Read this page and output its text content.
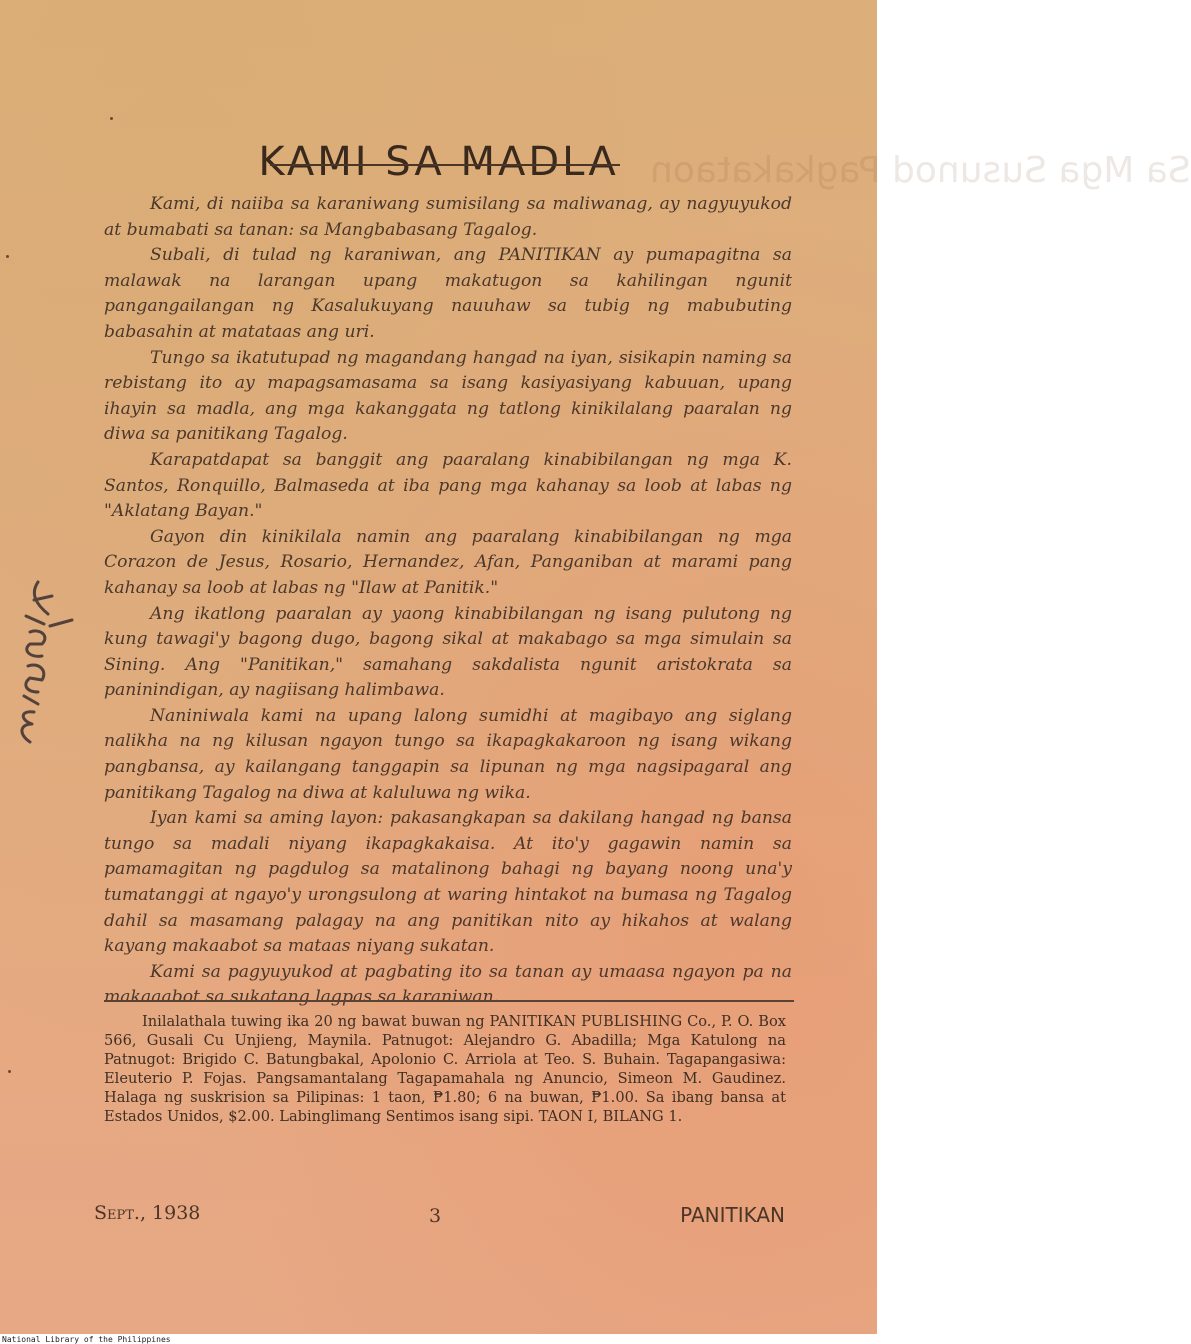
Sa Mga Susunod Pagkakataon
KAMI SA MADLA

Kami, di naiiba sa karaniwang sumisilang sa maliwanag, ay nagyuyukod at bumabati sa tanan: sa Mangbabasang Tagalog.

Subali, di tulad ng karaniwan, ang PANITIKAN ay pumapagitna sa malawak na larangan upang makatugon sa kahilingan ngunit pangangailangan ng Kasalukuyang nauuhaw sa tubig ng mabubuting babasahin at matataas ang uri.

Tungo sa ikatutupad ng magandang hangad na iyan, sisikapin naming sa rebistang ito ay mapagsamasama sa isang kasiyasiyang kabuuan, upang ihayin sa madla, ang mga kakanggata ng tatlong kinikilalang paaralan ng diwa sa panitikang Tagalog.

Karapatdapat sa banggit ang paaralang kinabibilangan ng mga K. Santos, Ronquillo, Balmaseda at iba pang mga kahanay sa loob at labas ng "Aklatang Bayan."

Gayon din kinikilala namin ang paaralang kinabibilangan ng mga Corazon de Jesus, Rosario, Hernandez, Afan, Panganiban at marami pang kahanay sa loob at labas ng "Ilaw at Panitik."

Ang ikatlong paaralan ay yaong kinabibilangan ng isang pulutong ng kung tawagi'y bagong dugo, bagong sikal at makabago sa mga simulain sa Sining. Ang "Panitikan," samahang sakdalista ngunit aristokrata sa paninindigan, ay nagiisang halimbawa.

Naniniwala kami na upang lalong sumidhi at magibayo ang siglang nalikha na ng kilusan ngayon tungo sa ikapagkakaroon ng isang wikang pangbansa, ay kailangang tanggapin sa lipunan ng mga nagsipagaral ang panitikang Tagalog na diwa at kaluluwa ng wika.

Iyan kami sa aming layon: pakasangkapan sa dakilang hangad ng bansa tungo sa madali niyang ikapagkakaisa. At ito'y gagawin namin sa pamamagitan ng pagdulog sa matalinong bahagi ng bayang noong una'y tumatanggi at ngayo'y urongsulong at waring hintakot na bumasa ng Tagalog dahil sa masamang palagay na ang panitikan nito ay hikahos at walang kayang makaabot sa mataas niyang sukatan.

Kami sa pagyuyukod at pagbating ito sa tanan ay umaasa ngayon pa na makaaabot sa sukatang lagpas sa karaniwan.

Inilalathala tuwing ika 20 ng bawat buwan ng PANITIKAN PUBLISHING Co., P. O. Box 566, Gusali Cu Unjieng, Maynila. Patnugot: Alejandro G. Abadilla; Mga Katulong na Patnugot: Brigido C. Batungbakal, Apolonio C. Arriola at Teo. S. Buhain. Tagapangasiwa: Eleuterio P. Fojas. Pangsamantalang Tagapamahala ng Anuncio, Simeon M. Gaudinez. Halaga ng suskrision sa Pilipinas: 1 taon, ₱1.80; 6 na buwan, ₱1.00. Sa ibang bansa at Estados Unidos, $2.00. Labinglimang Sentimos isang sipi. TAON I, BILANG 1.

Sept., 1938	3	PANITIKAN
National Library of the Philippines
